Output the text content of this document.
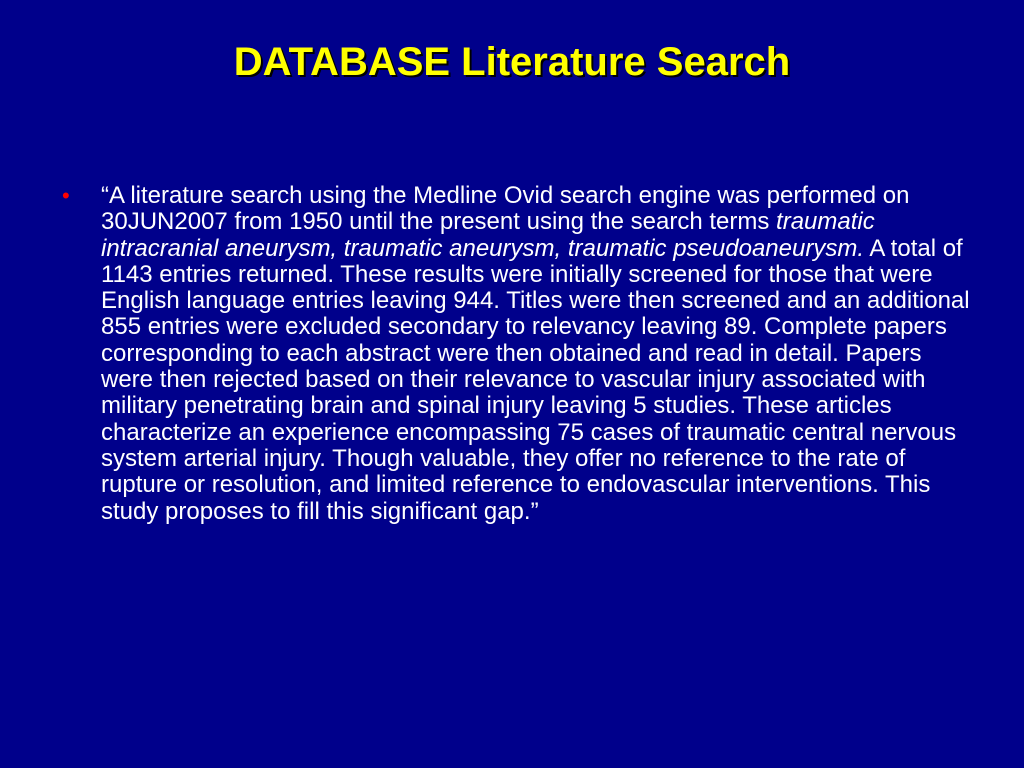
DATABASE Literature Search
• “A literature search using the Medline Ovid search engine was performed on 30JUN2007 from 1950 until the present using the search terms traumatic intracranial aneurysm, traumatic aneurysm, traumatic pseudoaneurysm. A total of 1143 entries returned. These results were initially screened for those that were English language entries leaving 944. Titles were then screened and an additional 855 entries were excluded secondary to relevancy leaving 89. Complete papers corresponding to each abstract were then obtained and read in detail. Papers were then rejected based on their relevance to vascular injury associated with military penetrating brain and spinal injury leaving 5 studies. These articles characterize an experience encompassing 75 cases of traumatic central nervous system arterial injury. Though valuable, they offer no reference to the rate of rupture or resolution, and limited reference to endovascular interventions. This study proposes to fill this significant gap.”
